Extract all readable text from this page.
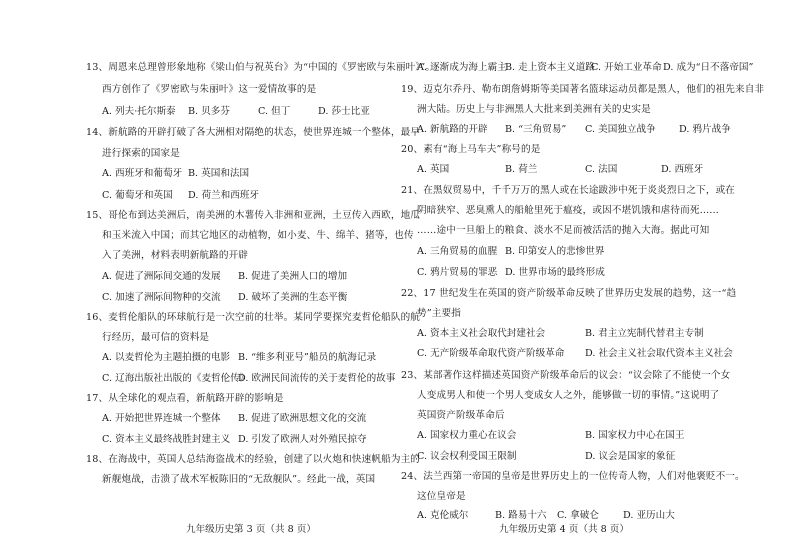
13、周恩来总理曾形象地称《梁山伯与祝英台》为“中国的《罗密欧与朱丽叶》”。
西方创作了《罗密欧与朱丽叶》这一爱情故事的是
A. 列夫·托尔斯泰 B. 贝多芬	C. 但丁	D. 莎士比亚
14、新航路的开辟打破了各大洲相对隔绝的状态，使世界连城一个整体，最早
进行探索的国家是
A. 西班牙和葡萄牙 B. 英国和法国
C. 葡萄牙和英国 D. 荷兰和西班牙
15、哥伦布到达美洲后，南美洲的木薯传入非洲和亚洲，土豆传入西欧，地瓜
和玉米流入中国；而其它地区的动植物，如小麦、牛、绵羊、猪等，也传
入了美洲，材料表明新航路的开辟
A. 促进了洲际间交通的发展 B. 促进了美洲人口的增加
C. 加速了洲际间物种的交流 D. 破坏了美洲的生态平衡
16、麦哲伦船队的环球航行是一次空前的壮举。某同学要探究麦哲伦船队的航
行经历，最可信的资料是
A. 以麦哲伦为主题拍摄的电影 B. “维多利亚号”船员的航海记录
C. 辽海出版社出版的《麦哲伦传》
D. 欧洲民间流传的关于麦哲伦的故事
17、从全球化的观点看，新航路开辟的影响是
A. 开始把世界连城一个整体 B. 促进了欧洲思想文化的交流
C. 资本主义最终战胜封建主义 D. 引发了欧洲人对外殖民掠夺
18、在海战中，英国人总结海盗战术的经验，创建了以火炮和快速帆船为主的
新舰炮战，击溃了战术军板陈旧的“无敌舰队”。经此一战，英国
九年级历史第 3 页（共 8 页）
A. 逐渐成为海上霸主
B. 走上资本主义道路
C. 开始工业革命 D. 成为“日不落帝国”
19、迈克尔乔丹、勒布朗詹姆斯等美国著名篮球运动员都是黑人，他们的祖先来自非
洲大陆。历史上与非洲黑人大批来到美洲有关的史实是
A. 新航路的开辟 B. “三角贸易” C. 美国独立战争 D. 鸦片战争
20、素有“海上马车夫”称号的是
A. 英国	B. 荷兰	C. 法国	D. 西班牙
21、在黑奴贸易中，千千万万的黑人或在长途跋涉中死于炎炎烈日之下，或在
阴暗狭窄、恶臭熏人的船舱里死于瘟疫，或因不堪饥饿和虐待而死……
……途中一旦船上的粮食、淡水不足而被活活的抛入大海。据此可知
A. 三角贸易的血腥 B. 印第安人的悲惨世界
C. 鸦片贸易的罪恶 D. 世界市场的最终形成
22、17 世纪发生在英国的资产阶级革命反映了世界历史发展的趋势，这一“趋
势”主要指
A. 资本主义社会取代封建社会	B. 君主立宪制代替君主专制
C. 无产阶级革命取代资产阶级革命 D. 社会主义社会取代资本主义社会
23、某部著作这样描述英国资产阶级革命后的议会：“议会除了不能使一个女
人变成男人和使一个男人变成女人之外，能够做一切的事情。”这说明了
英国资产阶级革命后
A. 国家权力重心在议会	B. 国家权力中心在国王
C. 议会权利受国王限制	D. 议会是国家的象征
24、法兰西第一帝国的皇帝是世界历史上的一位传奇人物，人们对他褒贬不一。
这位皇帝是
A. 克伦威尔	B. 路易十六 C. 拿破仑	D. 亚历山大
九年级历史第 4 页（共 8 页）
